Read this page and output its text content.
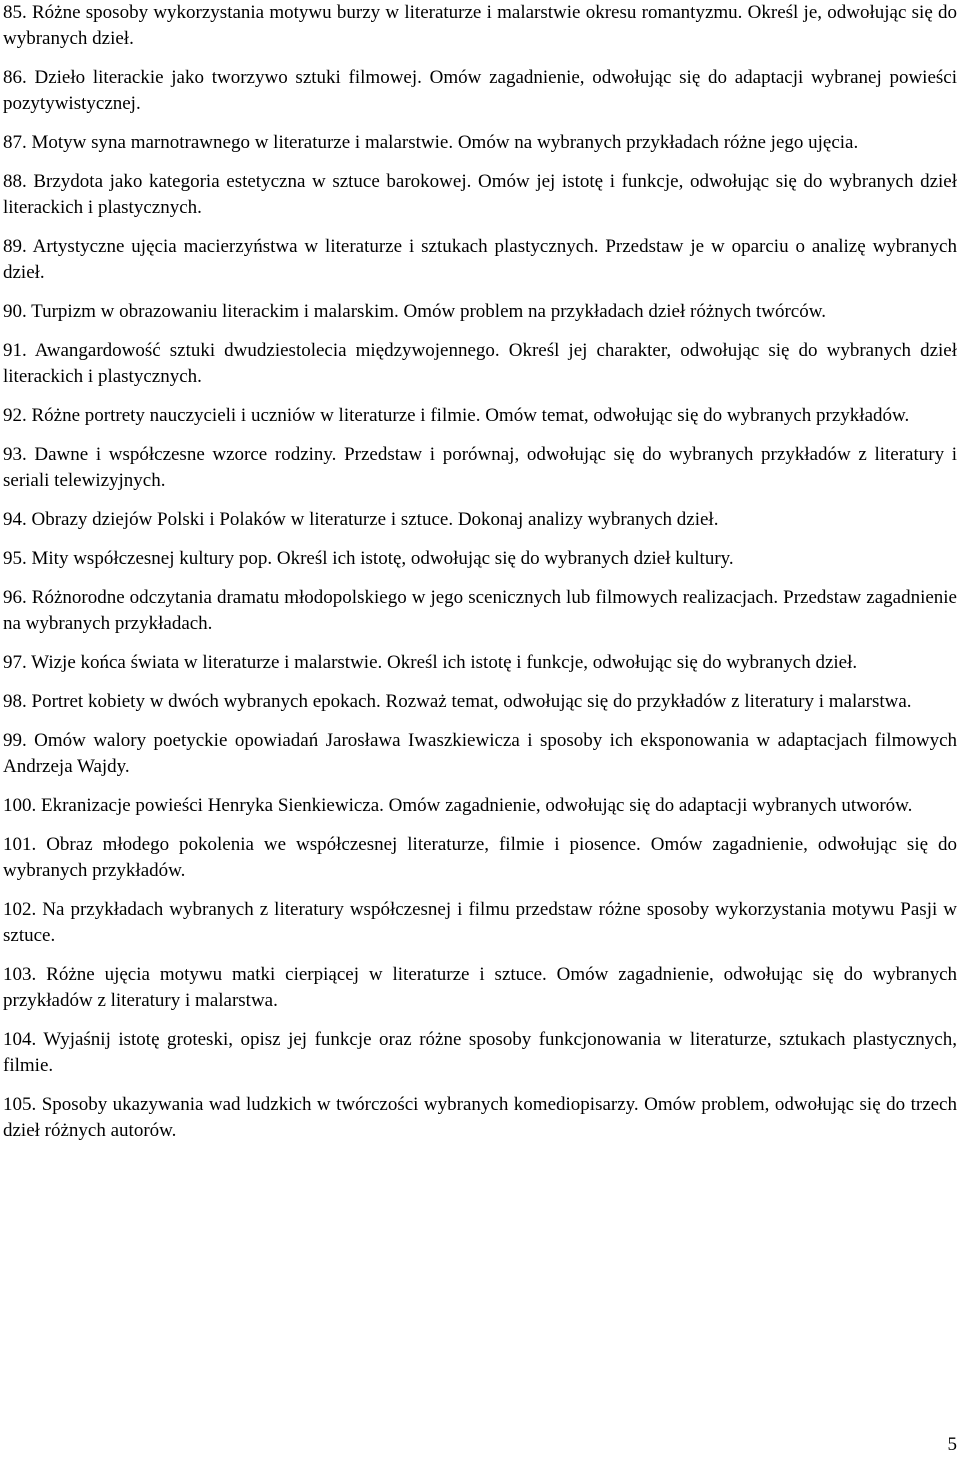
85. Różne sposoby wykorzystania motywu burzy w literaturze i malarstwie okresu romantyzmu. Określ je, odwołując się do wybranych dzieł.

86. Dzieło literackie jako tworzywo sztuki filmowej. Omów zagadnienie, odwołując się do adaptacji wybranej powieści pozytywistycznej.

87. Motyw syna marnotrawnego w literaturze i malarstwie. Omów na wybranych przykładach różne jego ujęcia.

88. Brzydota jako kategoria estetyczna w sztuce barokowej. Omów jej istotę i funkcje, odwołując się do wybranych dzieł literackich i plastycznych.

89. Artystyczne ujęcia macierzyństwa w literaturze i sztukach plastycznych. Przedstaw je w oparciu o analizę wybranych dzieł.

90. Turpizm w obrazowaniu literackim i malarskim. Omów problem na przykładach dzieł różnych twórców.

91. Awangardowość sztuki dwudziestolecia międzywojennego. Określ jej charakter, odwołując się do wybranych dzieł literackich i plastycznych.

92. Różne portrety nauczycieli i uczniów w literaturze i filmie. Omów temat, odwołując się do wybranych przykładów.

93. Dawne i współczesne wzorce rodziny. Przedstaw i porównaj, odwołując się do wybranych przykładów z literatury i seriali telewizyjnych.

94. Obrazy dziejów Polski i Polaków w literaturze i sztuce. Dokonaj analizy wybranych dzieł.

95. Mity współczesnej kultury pop. Określ ich istotę, odwołując się do wybranych dzieł kultury.

96. Różnorodne odczytania dramatu młodopolskiego w jego scenicznych lub filmowych realizacjach. Przedstaw zagadnienie na wybranych przykładach.

97. Wizje końca świata w literaturze i malarstwie. Określ ich istotę i funkcje, odwołując się do wybranych dzieł.

98. Portret kobiety w dwóch wybranych epokach. Rozważ temat, odwołując się do przykładów z literatury i malarstwa.

99. Omów walory poetyckie opowiadań Jarosława Iwaszkiewicza i sposoby ich eksponowania w adaptacjach filmowych Andrzeja Wajdy.

100. Ekranizacje powieści Henryka Sienkiewicza. Omów zagadnienie, odwołując się do adaptacji wybranych utworów.

101. Obraz młodego pokolenia we współczesnej literaturze, filmie i piosence. Omów zagadnienie, odwołując się do wybranych przykładów.

102. Na przykładach wybranych z literatury współczesnej i filmu przedstaw różne sposoby wykorzystania motywu Pasji w sztuce.

103. Różne ujęcia motywu matki cierpiącej w literaturze i sztuce. Omów zagadnienie, odwołując się do wybranych przykładów z literatury i malarstwa.

104. Wyjaśnij istotę groteski, opisz jej funkcje oraz różne sposoby funkcjonowania w literaturze, sztukach plastycznych, filmie.

105. Sposoby ukazywania wad ludzkich w twórczości wybranych komediopisarzy. Omów problem, odwołując się do trzech dzieł różnych autorów.

5
